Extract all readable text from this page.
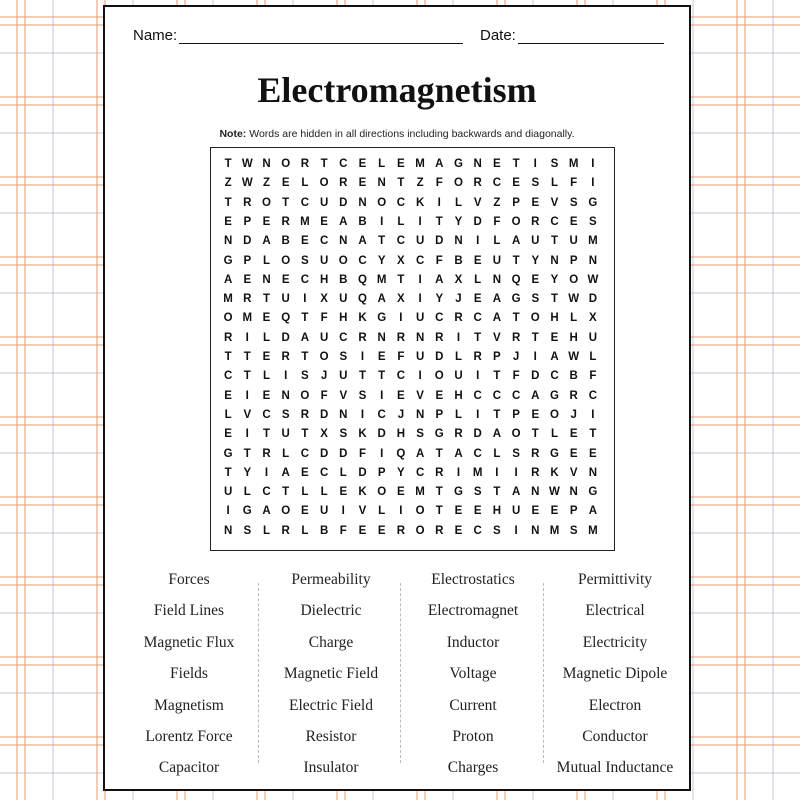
Name:	Date:
Electromagnetism
Note: Words are hidden in all directions including backwards and diagonally.
T W N O R	T	C E	L	E M A G N E	T	I	S M	I
Z W Z	E	L O R E N	T	Z	F O R C E	S	L	F	I
T	R O T	C U D N O C K	I	L	V	Z	P	E	V	S G
E	P	E R M E A B	I	L	I	T	Y D	F O R C E	S
N D A B E C N A	T	C U D N	I	L	A U	T	U M
G P	L O S U O C Y	X C	F	B E U	T	Y N P N
A E N E C H B Q M T	I	A X	L	N Q E	Y O W
M R	T	U	I	X U Q A X	I	Y	J	E A G S	T W D
O M E Q T	F	H K G	I	U C R C A	T O H	L	X
R	I	L	D A U C R N R N R	I	T	V R	T	E H U
T	T	E R	T O S	I	E	F	U D	L	R P	J	I	A W L
C	T	L	I	S	J	U	T	T	C	I	O U	I	T	F	D C B	F
E	I	E N O F	V	S	I	E	V	E H C C C A G R C
L	V C S R D N	I	C	J	N P	L	I	T	P	E O	J	I
E	I	T	U	T	X	S K D H S G R D A O T	L	E	T
G T	R	L	C D D	F	I	Q A	T	A C	L	S R G E	E
T	Y	I	A E C	L	D P	Y C R	I	M	I	I	R K V N
U	L	C	T	L	L	E K O E M T G S	T	A N W N G
I	G A O E U	I	V	L	I	O T	E	E H U E	E	P A
N S	L	R	L	B	F	E	E R O R E C S	I	N M S M
Forces
Field Lines
Magnetic Flux
Fields
Magnetism
Lorentz Force
Capacitor
Permeability
Dielectric
Charge
Magnetic Field
Electric Field
Resistor
Insulator
Electrostatics
Electromagnet
Inductor
Voltage
Current
Proton
Charges
Permittivity
Electrical
Electricity
Magnetic Dipole
Electron
Conductor
Mutual Inductance
